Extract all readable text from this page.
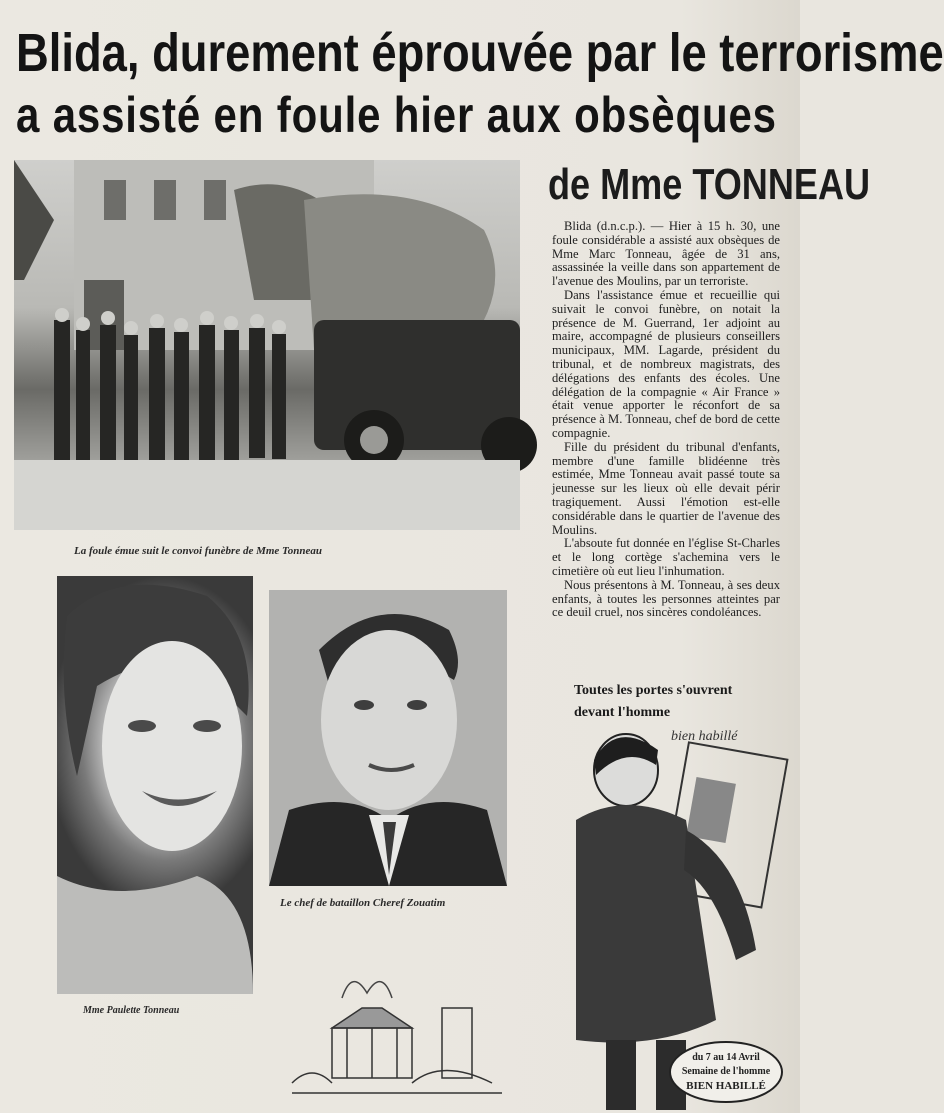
Blida, durement éprouvée par le terrorisme
a assisté en foule hier aux obsèques
de Mme TONNEAU

La foule émue suit le convoi funèbre de Mme Tonneau

Mme Paulette Tonneau

Le chef de bataillon Cheref Zouatim

Blida (d.n.c.p.). — Hier à 15 h. 30, une foule considérable a assisté aux obsèques de Mme Marc Tonneau, âgée de 31 ans, assassinée la veille dans son appartement de l'avenue des Moulins, par un terroriste.

Dans l'assistance émue et recueillie qui suivait le convoi funèbre, on notait la présence de M. Guerrand, 1er adjoint au maire, accompagné de plusieurs conseillers municipaux, MM. Lagarde, président du tribunal, et de nombreux magistrats, des délégations des enfants des écoles. Une délégation de la compagnie « Air France » était venue apporter le réconfort de sa présence à M. Tonneau, chef de bord de cette compagnie.

Fille du président du tribunal d'enfants, membre d'une famille blidéenne très estimée, Mme Tonneau avait passé toute sa jeunesse sur les lieux où elle devait périr tragiquement. Aussi l'émotion est-elle considérable dans le quartier de l'avenue des Moulins.

L'absoute fut donnée en l'église St-Charles et le long cortège s'achemina vers le cimetière où eut lieu l'inhumation.

Nous présentons à M. Tonneau, à ses deux enfants, à toutes les personnes atteintes par ce deuil cruel, nos sincères condoléances.

Toutes les portes s'ouvrent
devant l'homme
bien habillé
du 7 au 14 Avril
Semaine de l'homme
BIEN HABILLÉ
